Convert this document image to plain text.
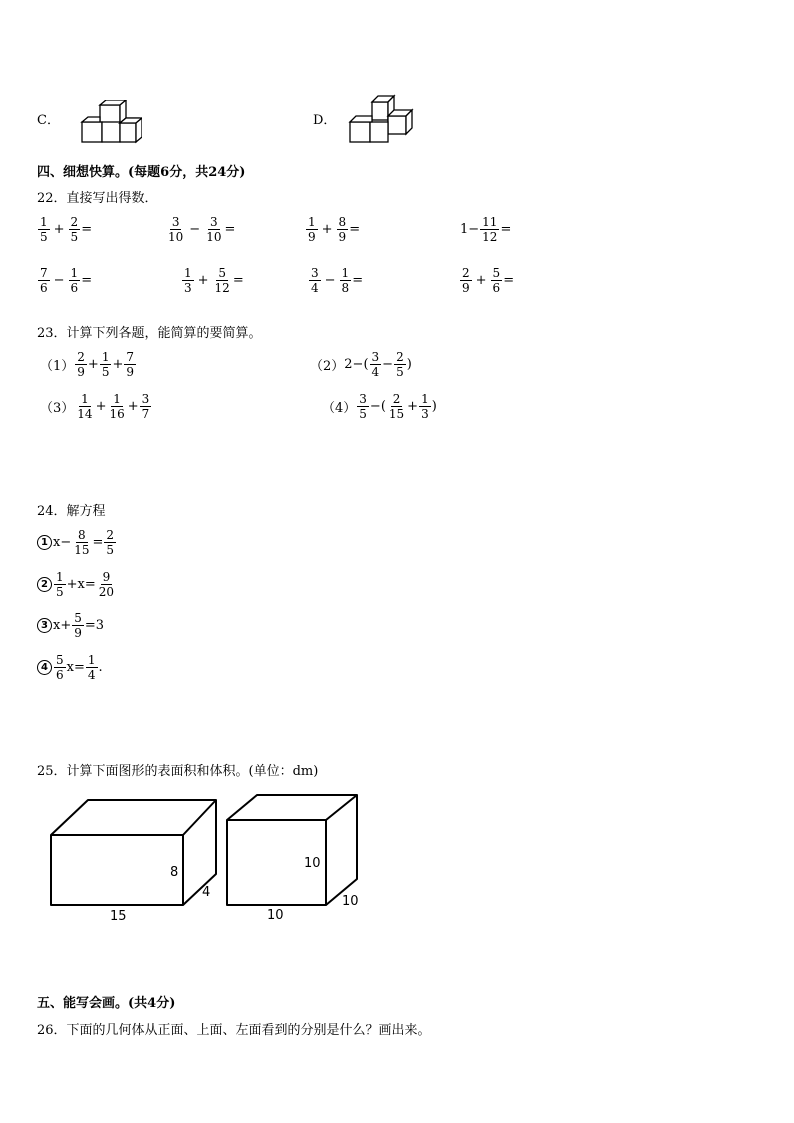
C．	D．
四、细想快算。(每题6分，共24分)
22．直接写出得数．
$\frac{1}{5} + \frac{2}{5}$ =	$\frac{3}{10} - \frac{3}{10}$ =	$\frac{1}{9} + \frac{8}{9}$ =	$1- \frac{11}{12}$ =
$\frac{7}{6} - \frac{1}{6}$ =	$\frac{1}{3} + \frac{5}{12}$ =	$\frac{3}{4} - \frac{1}{8}$ =	$\frac{2}{9} + \frac{5}{6}$ =
23．计算下列各题，能简算的要简算。
$(1) \frac{2}{9} + \frac{1}{5} + \frac{7}{9}$	（2） $2-( \frac{3}{4} - \frac{2}{5}$ )
$(3) \frac{1}{14} + \frac{1}{16} + \frac{3}{7}$	$(4) \frac{3}{5}$ −( $\frac{2}{15} + \frac{1}{3}$ )
24．解方程
1 $x- \frac{8}{15} = \frac{2}{5}$
$2 \frac{1}{5} +x= \frac{9}{20}$
3 $x+ \frac{5}{9} =3$
$4 \frac{5}{6} x= \frac{1}{4}$ .
25．计算下面图形的表面积和体积。(单位：dm)
8
4
15
10
10
10
五、能写会画。(共4分)
26．下面的几何体从正面、上面、左面看到的分别是什么？画出来。
